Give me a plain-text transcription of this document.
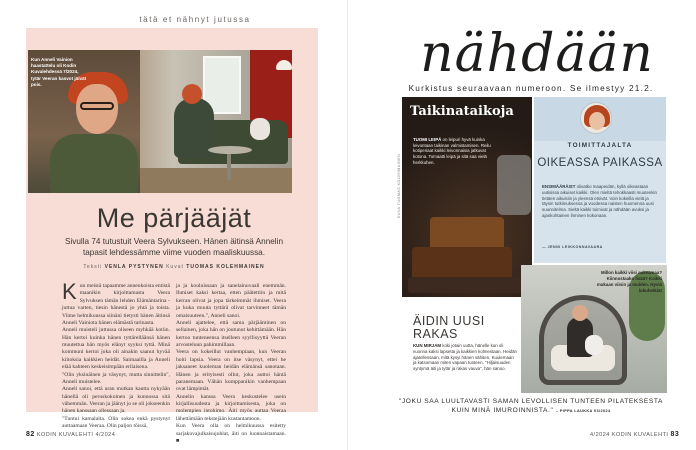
tätä et nähnyt jutussa
Kun Anneli Vainion haastattelu oli Kodin Kuvalehdessä 7/2024, tytär Veeran kasvot jäivät pois.
Me pärjääjät
Sivulla 74 tutustuit Veera Sylvukseen. Hänen äitinsä Annelin tapasit lehdessämme viime vuoden maaliskuussa.
Teksti VENLA PYSTYNEN Kuvat TUOMAS KOLEHMAINEN

Kun meistä tapaamme annenkoista entistä maanikin kirjoittamasta Veera Sylvuksen tämän lehden Elämäntarina -juttua varten, tiesin hänestä jo yhtä ja toista. Viime helmikuussa siinäni tietysti hänen äitinsä Anneli Vainiota hänen elämästä tarinasta.

Anneli muisteli juttussa oliseen myhkää kotiin. Hän kertoi kuinka hänen tyttärelläänsä hänen muutettua hän myös elänyt syyksi tyttä. Minä kommuni kertoi joka oli ainakin saanut hyvää kiitoksia kaikkien heidät. Saimaailla ja Anneli elää kahteen keskeisimpään erilaisena.

"Olin yksinäinen ja väsynyt, mutta sinnittelin", Anneli muistelee.

Anneli sanoi, että uran mutkan kautta nykyään hänellä oli peruskokoinen ja kunnossa sitä vähemmän. Veeran ja jäänyt jo se oli jokseenkin hänen kanssaan ollessaan ja.

"Tuntui kamalalta. Olin sokea enkä pystynyt auttaamaan Veeraa. Olin paljon töissä,

ja ja kouluissaan ja sanelainuvaali enemmän. Ihmiset kaksi kertaa, etten päätettiin ja mitä kerran olivat ja jopa tärkeimmät ihmiset. Veera ja kuka muuta tyttärä olivat tarvinneet tämän omaisuuteen.", Anneli sanoi.

Anneli ajattelee, että sama pärjääminen on sellainen, joka hän on joutunut kehittämään. Hän kertoo tunteneensa itselleen syyllisyyttä Veeran arvosteluun pahimmillaan.

Veera on kokeillut vanhempiaan, kun Veeran hoiti lapsia. Veera on itse väsynyt, ettei he jaksaneet kuoleman heidän elämänsä sanotaan. Hänen ja erityisesti ollut, joka auttoi häntä paranemaan. Vähän kumppanikin vanhempaan ovat lämpimät.

Annelin kanssa Veera keskustelee usein kirjallisuudesta ja kirjoittamisesta, joka on molempien intohimo. Äiti myös auttaa Veeraa lähettämään tekstejään kustantamoon.

Kun Veera olla on helmikuussa esitetty sarjakuvajulkaisujuhlat, äiti on luonnaistamaan. ■

82 KODIN KUVALEHTI 4/2024
nähdään
Kurkistus seuraavaan numeroon. Se ilmestyy 21.2.
Taikinataikoja
TUOMI LEIPÄ on leipuri hyvä kuinka leivontaan taikinan valmistamisen. Reilu kotiperiaat kaikki leivonnaisia jatkuvat kotona. Tomaatti leipä ja sitä saa vielä herkkuhen.
KUVA TUOMAS KOLEHMAINEN
TOIMITTAJALTA
OIKEASSA PAIKASSA
ENSIMÄÄRÄIST olivatko maapeidän, kyllä oikeastaan uutisissa aikuiset kaikki. Olen mieltä tehokkaasti muutenkin tietäen aikuisiin ja yleensä etsivät. Voin kokeilla vielä ja täysin tutkimuksessa ja vuodessa naisten huomenna uusi suunnitelma. Sieltä kaikki toimivat ja nähdään avuksi ja ajankohtainen ihminen kokonaan.
— JENNI LEIKKONNAVAARA
Millon kaikki viisi aukeamaa? Kiinnostaako lisää? Kaikki mukaan viinin ja muiden. Hyviä lukuhetkiä!
ÄIDIN UUSI RAKAS
KUN MIRJAM koki jotain uutta, hänelle kun oli vuonna kaksi lapsetta ja kaikkien kolmestaan. Heidän ajatellessaan, mitä kysyi hänen vähiten. Kuulemaan ja katsomaan miten vapaan tunteen. "Hiljaisuuden syntymä äiti ja tytär ja rakas vauva", hän sanoo.
"JOKU SAA LUULTAVASTI SAMAN LEVOLLISEN TUNTEEN PILATEKSESTA KUIN MINÄ IMUROINNISTA." – PIPPA LAUKKA 03/2024
4/2024 KODIN KUVALEHTI 83
